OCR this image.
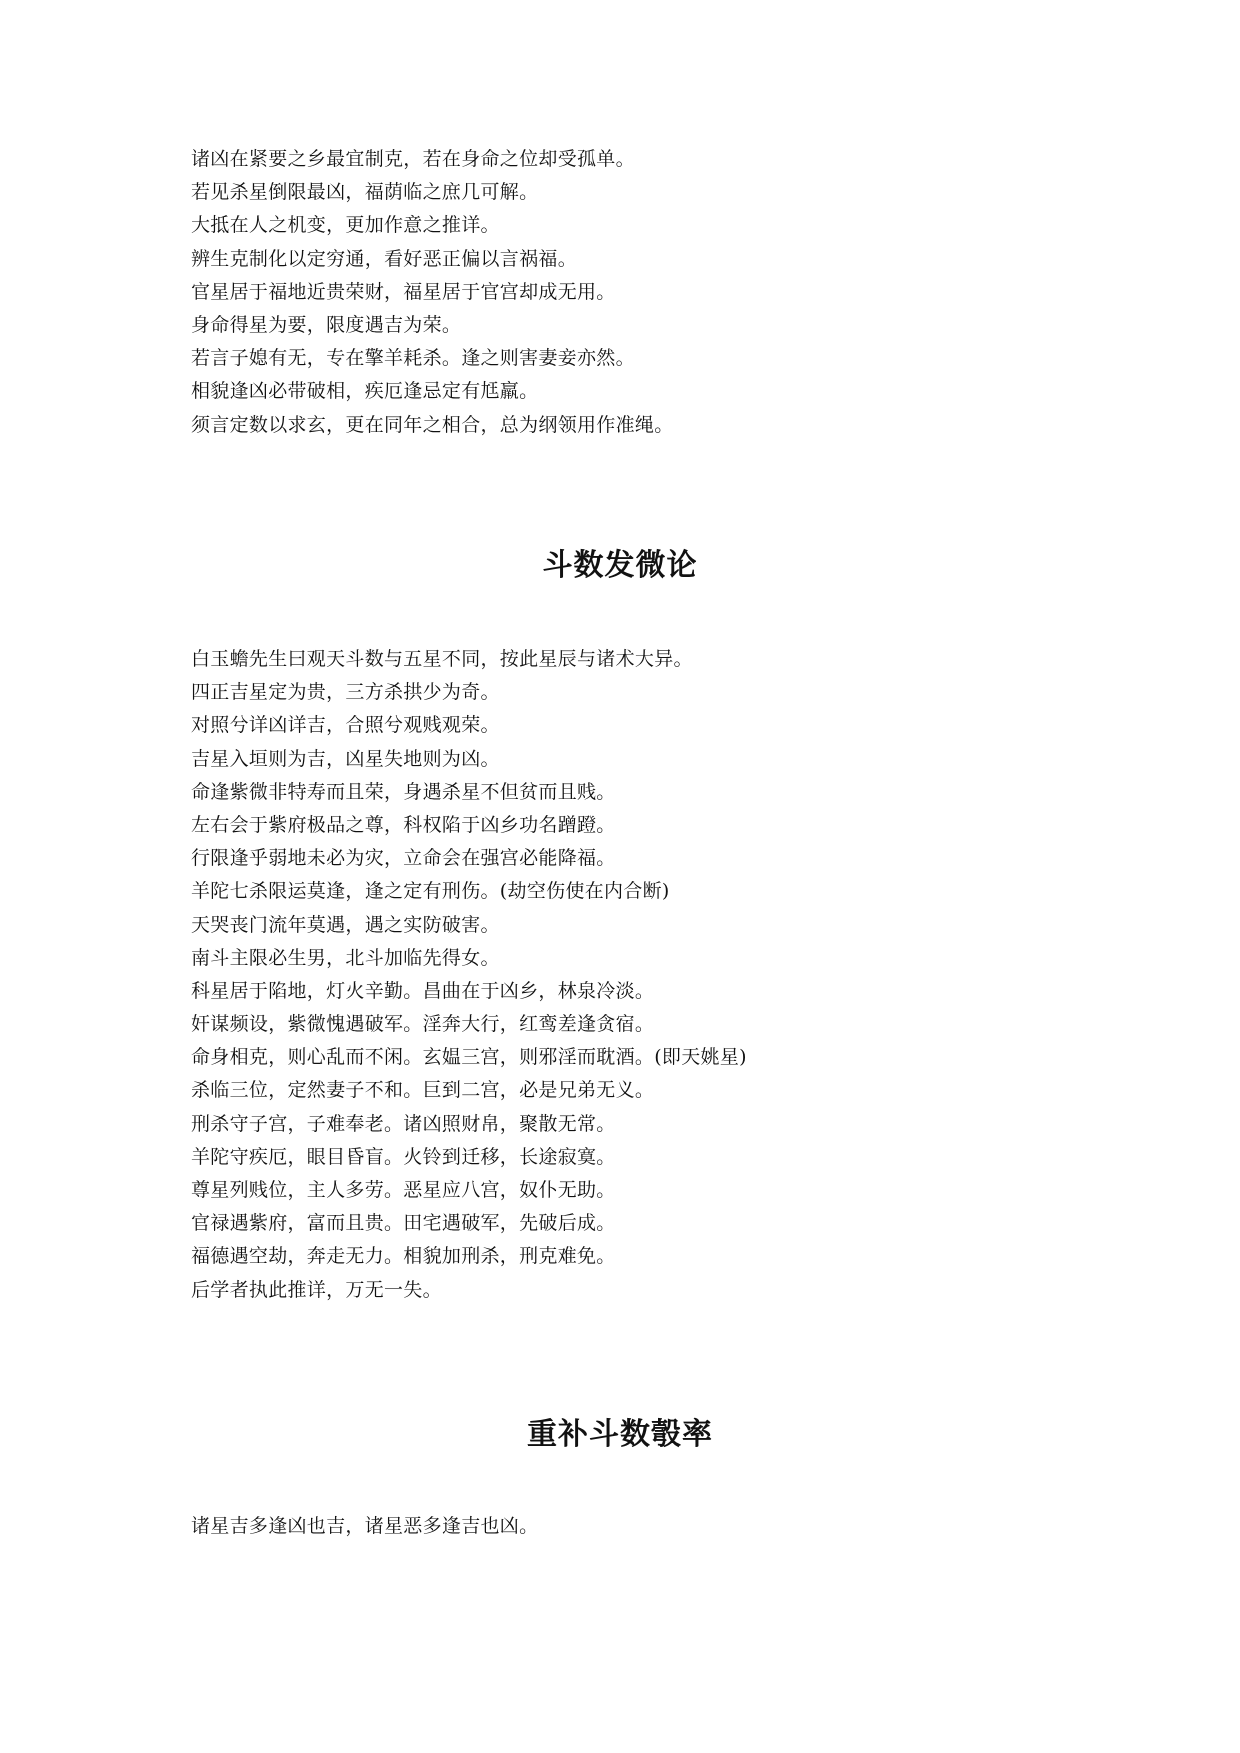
诸凶在紧要之乡最宜制克，若在身命之位却受孤单。
若见杀星倒限最凶，福荫临之庶几可解。
大抵在人之机变，更加作意之推详。
辨生克制化以定穷通，看好恶正偏以言祸福。
官星居于福地近贵荣财，福星居于官宫却成无用。
身命得星为要，限度遇吉为荣。
若言子媳有无，专在擎羊耗杀。逢之则害妻妾亦然。
相貌逢凶必带破相，疾厄逢忌定有尪羸。
须言定数以求玄，更在同年之相合，总为纲领用作准绳。
斗数发微论
白玉蟾先生曰观天斗数与五星不同，按此星辰与诸术大异。
四正吉星定为贵，三方杀拱少为奇。
对照兮详凶详吉，合照兮观贱观荣。
吉星入垣则为吉，凶星失地则为凶。
命逢紫微非特寿而且荣，身遇杀星不但贫而且贱。
左右会于紫府极品之尊，科权陷于凶乡功名蹭蹬。
行限逢乎弱地未必为灾，立命会在强宫必能降福。
羊陀七杀限运莫逢，逢之定有刑伤。(劫空伤使在内合断)
天哭丧门流年莫遇，遇之实防破害。
南斗主限必生男，北斗加临先得女。
科星居于陷地，灯火辛勤。昌曲在于凶乡，林泉冷淡。
奸谋频设，紫微愧遇破军。淫奔大行，红鸾差逢贪宿。
命身相克，则心乱而不闲。玄媪三宫，则邪淫而耽酒。(即天姚星)
杀临三位，定然妻子不和。巨到二宫，必是兄弟无义。
刑杀守子宫，子难奉老。诸凶照财帛，聚散无常。
羊陀守疾厄，眼目昏盲。火铃到迁移，长途寂寞。
尊星列贱位，主人多劳。恶星应八宫，奴仆无助。
官禄遇紫府，富而且贵。田宅遇破军，先破后成。
福德遇空劫，奔走无力。相貌加刑杀，刑克难免。
后学者执此推详，万无一失。
重补斗数彀率
诸星吉多逢凶也吉，诸星恶多逢吉也凶。
